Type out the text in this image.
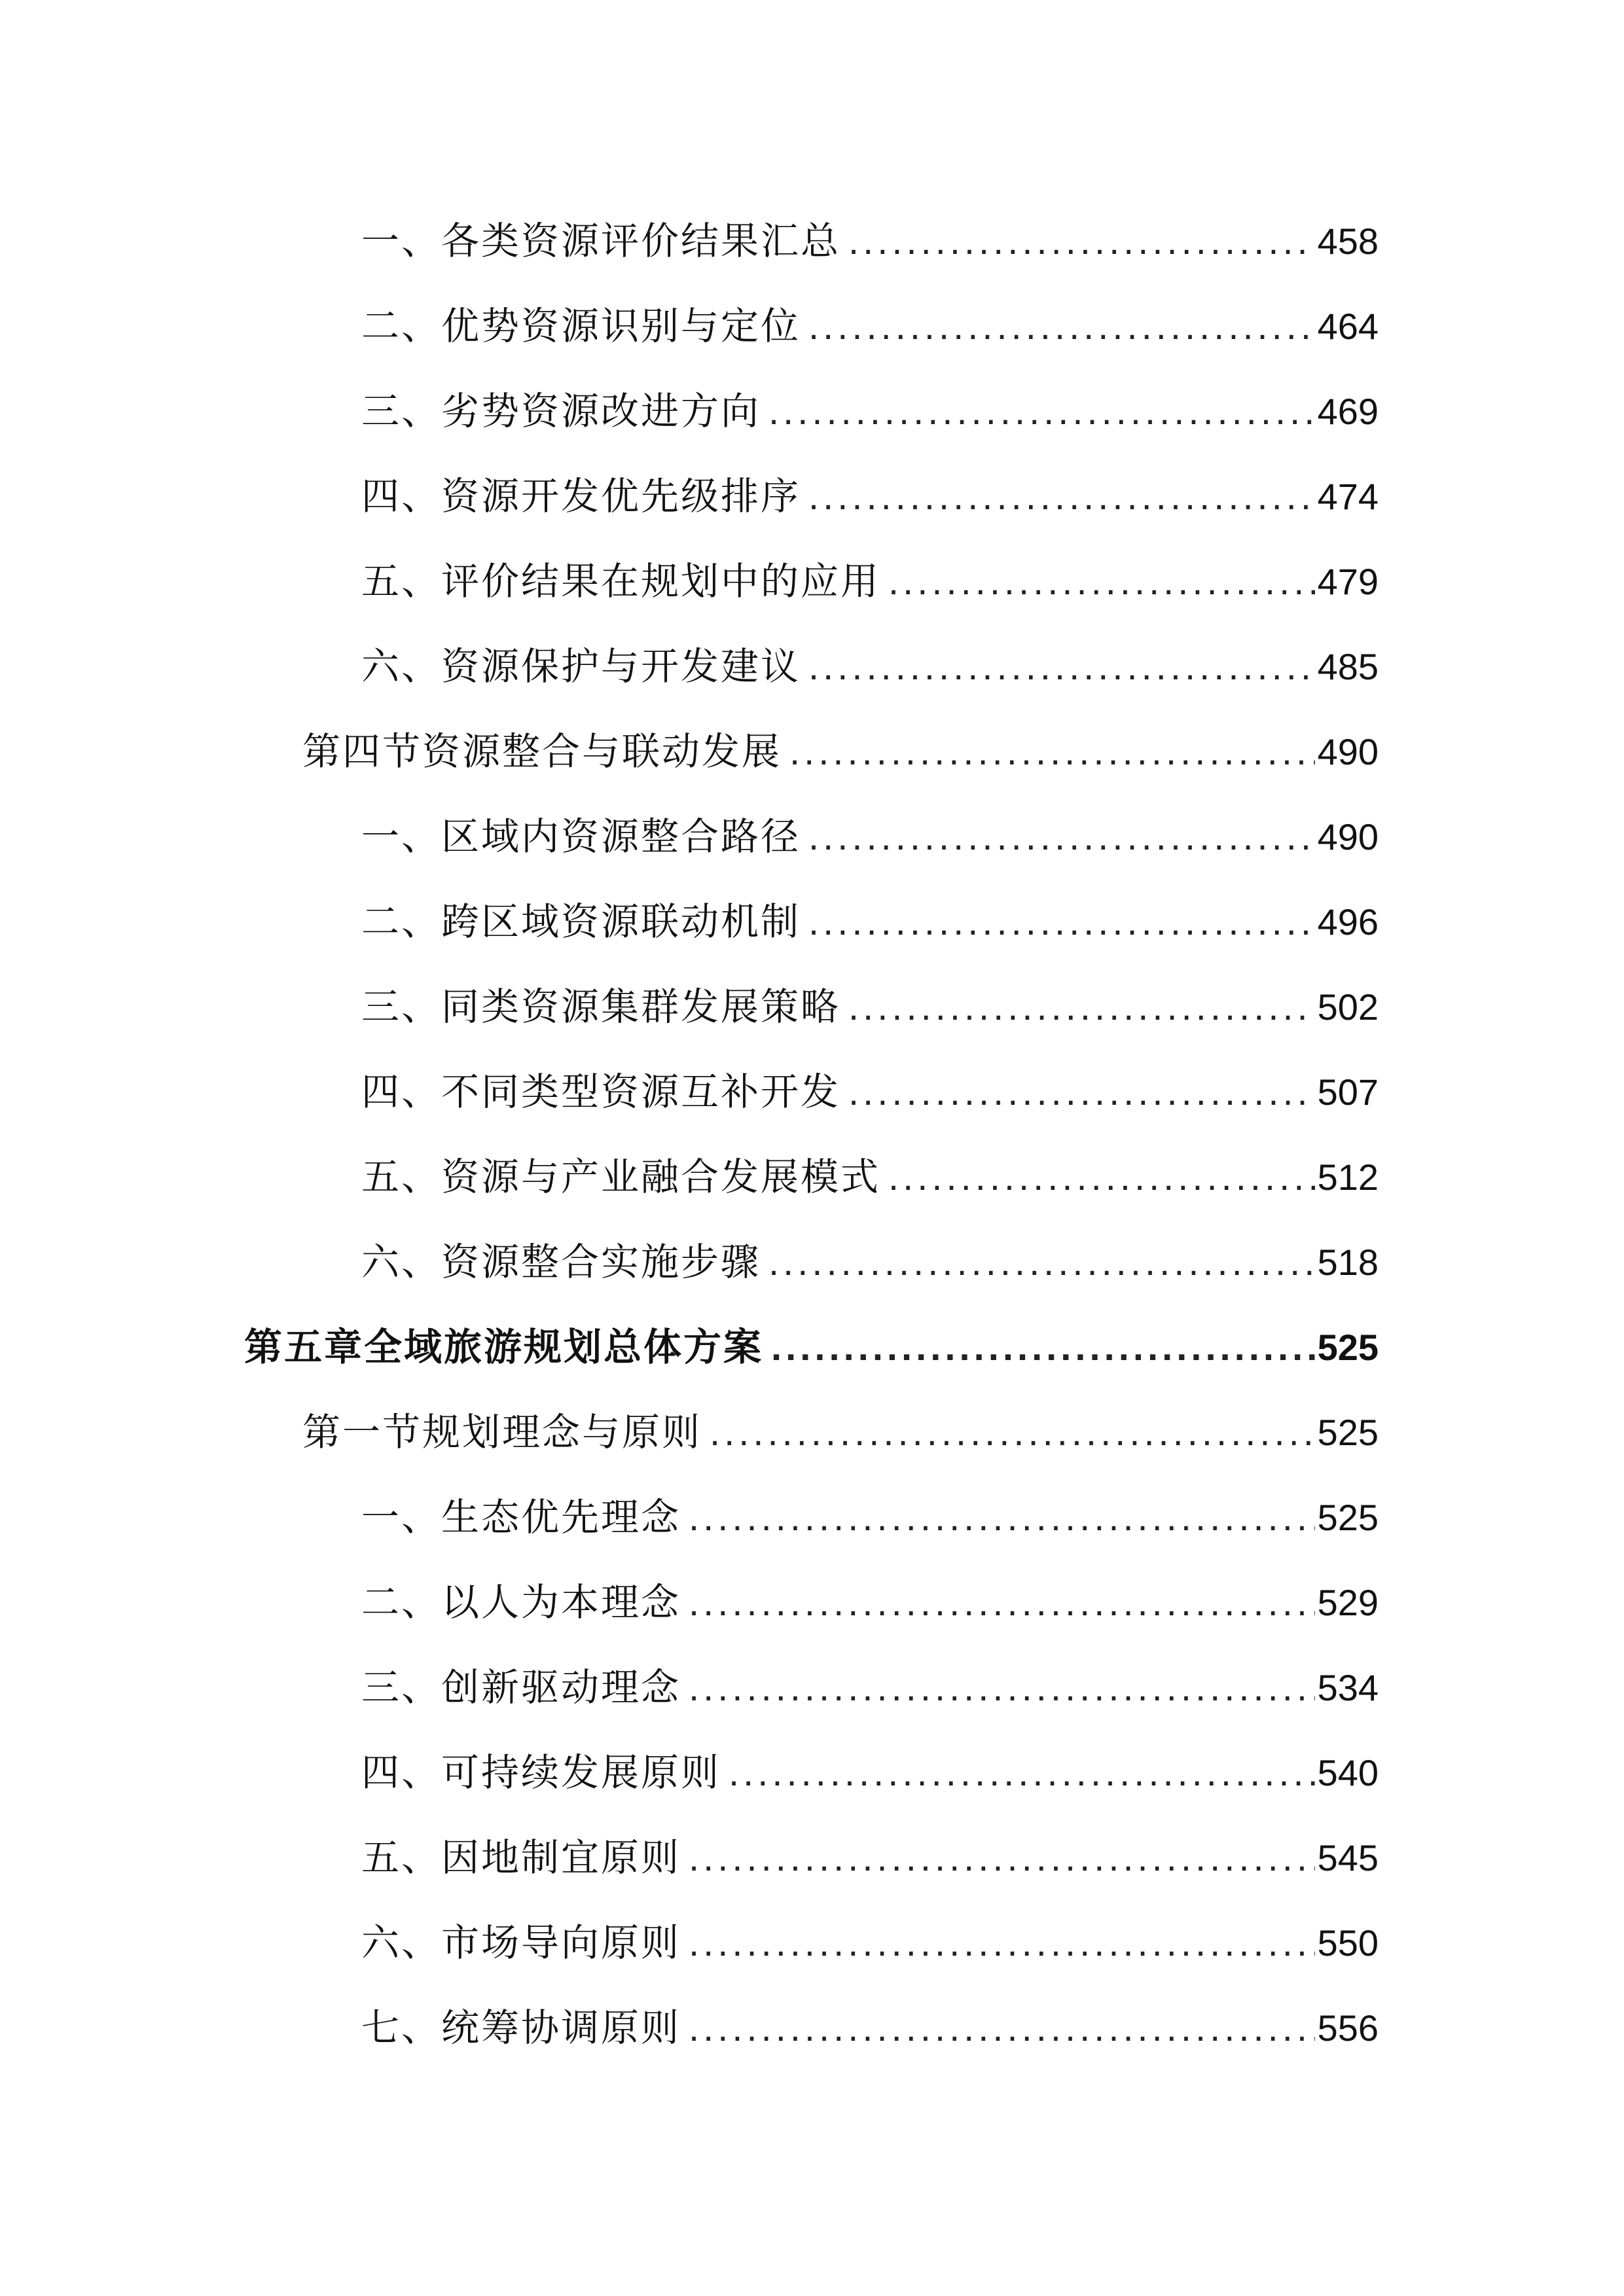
一、各类资源评价结果汇总 .....	458
二、优势资源识别与定位 .....	464
三、劣势资源改进方向 .....	469
四、资源开发优先级排序 .....	474
五、评价结果在规划中的应用 .....	479
六、资源保护与开发建议 .....	485
第四节资源整合与联动发展 .....	490
一、区域内资源整合路径 .....	490
二、跨区域资源联动机制 .....	496
三、同类资源集群发展策略 .....	502
四、不同类型资源互补开发 .....	507
五、资源与产业融合发展模式 .....	512
六、资源整合实施步骤 .....	518
第五章全域旅游规划总体方案 .....	525
第一节规划理念与原则 .....	525
一、生态优先理念 .....	525
二、以人为本理念 .....	529
三、创新驱动理念 .....	534
四、可持续发展原则 .....	540
五、因地制宜原则 .....	545
六、市场导向原则 .....	550
七、统筹协调原则 .....	556
